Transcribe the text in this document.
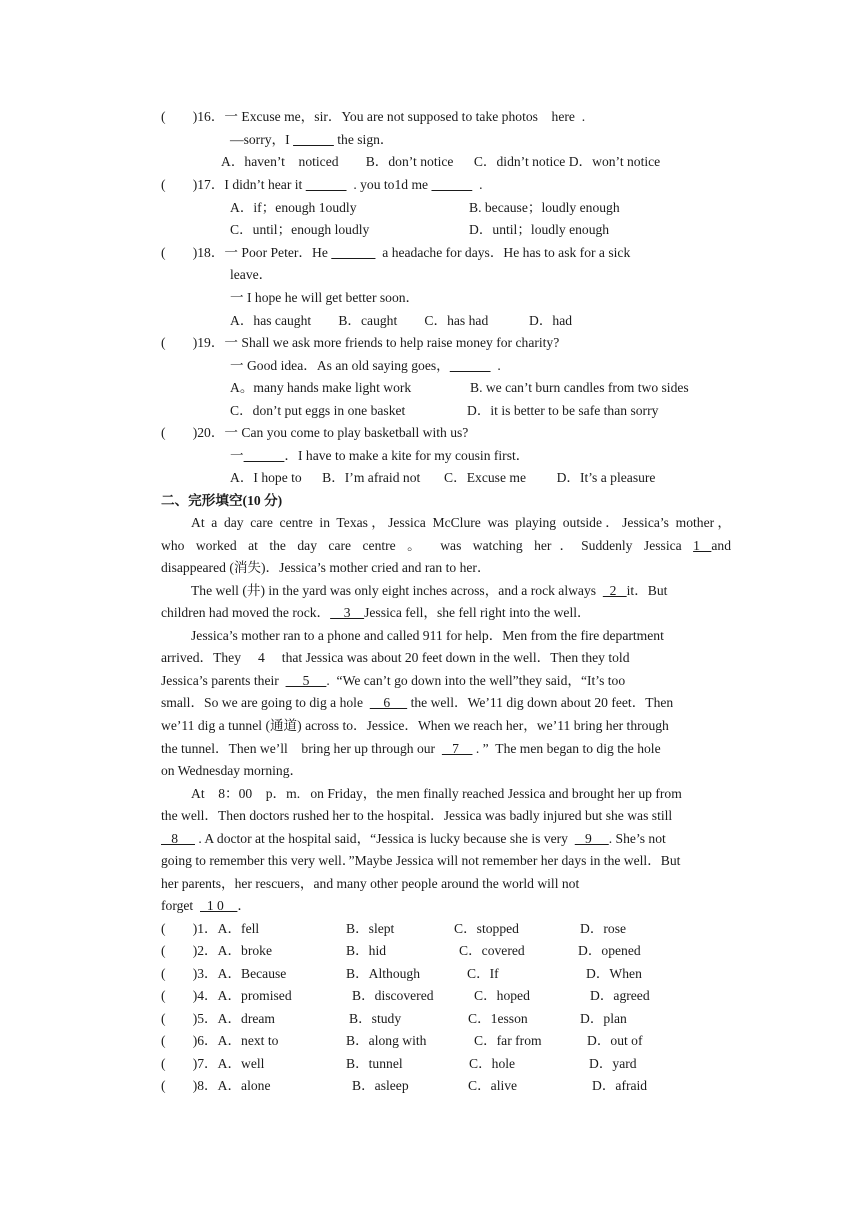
(        )16．一 Excuse me，sir．You are not supposed to take photos    here  .
—sorry，I	the sign．
A．haven’t    noticed        B．don’t notice      C．didn’t notice D．won’t notice
(        )17．I didn’t hear it	. you to1d me	.
A．if；enough 1oudly	B. because；loudly enough
C．until；enough loudly	D．until；loudly enough
(        )18．一 Poor Peter．He	a headache for days．He has to ask for a sick
leave．
一 I hope he will get better soon．
A．has caught        B．caught        C．has had            D．had
(        )19．一 Shall we ask more friends to help raise money for charity?
一 Good idea．As an old saying goes，	.
A。many hands make light work	B. we can’t burn candles from two sides
C．don’t put eggs in one basket	D．it is better to be safe than sorry
(        )20．一 Can you come to play basketball with us?
一	．I have to make a kite for my cousin first．
A．I hope to      B．I’m afraid not       C．Excuse me         D．It’s a pleasure
二、完形填空(10 分)
At a day care centre in Texas，Jessica McClure was playing outside．Jessica’s mother，
who worked at the day care centre 。 was watching her．Suddenly Jessica 1 and
disappeared (消失)．Jessica’s mother cried and ran to her．
The well (井) in the yard was only eight inches across，and a rock always    2   it．But
children had moved the rock．    3    Jessica fell，she fell right into the well．
Jessica’s mother ran to a phone and called 911 for help．Men from the fire department
arrived．They     4     that Jessica was about 20 feet down in the well．Then they told
Jessica’s parents their       5     .  “We can’t go down into the well”they said，“It’s too
small．So we are going to dig a hole      6      the well．We’11 dig down about 20 feet．Then
we’11 dig a tunnel (通道) across to．Jessice．When we reach her，we’11 bring her through
the tunnel．Then we’ll    bring her up through our     7     . ”  The men began to dig the hole
on Wednesday morning．
At    8：00    p．m.   on Friday，the men finally reached Jessica and brought her up from
the well．Then doctors rushed her to the hospital．Jessica was badly injured but she was still
8      . A doctor at the hospital said，“Jessica is lucky because she is very     9     . She’s not
going to remember this very well．”Maybe Jessica will not remember her days in the well．But
her parents，her rescuers，and many other people around the world will not
forget    1 0    ．
(        )1．A．fell	B．slept	C．stopped	D．rose
(        )2．A．broke	B．hid	C．covered	D．opened
(        )3．A．Because	B．Although	C．If	D．When
(        )4．A．promised	B．discovered	C．hoped	D．agreed
(        )5．A．dream	B．study	C．1esson	D．plan
(        )6．A．next to	B．along with	C．far from	D．out of
(        )7．A．well	B．tunnel	C．hole	D．yard
(        )8．A．alone	B．asleep	C．alive	D．afraid
